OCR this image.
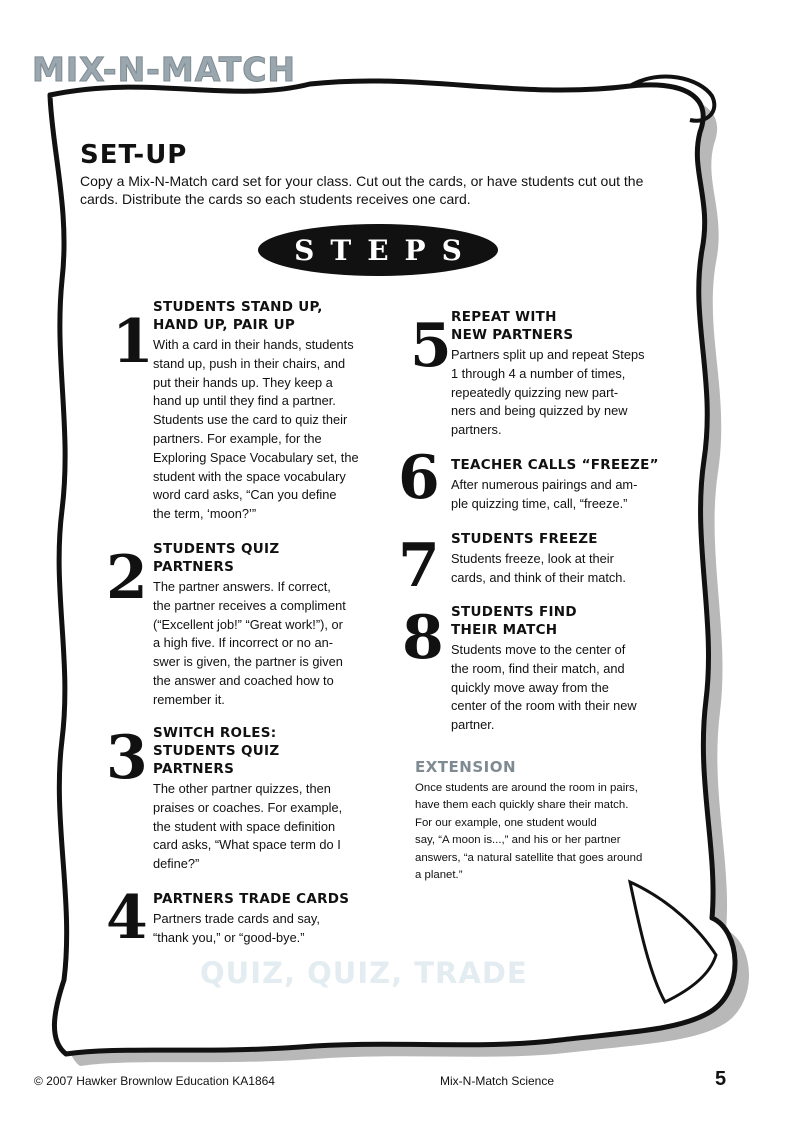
MIX-N-MATCH
SET-UP
Copy a Mix-N-Match card set for your class. Cut out the cards, or have students cut out the cards. Distribute the cards so each students receives one card.
STEPS
1 STUDENTS STAND UP,
HAND UP, PAIR UP
With a card in their hands, students
stand up, push in their chairs, and
put their hands up. They keep a
hand up until they find a partner.
Students use the card to quiz their
partners. For example, for the
Exploring Space Vocabulary set, the
student with the space vocabulary
word card asks, “Can you define
the term, ‘moon?’”
2 STUDENTS QUIZ
PARTNERS
The partner answers. If correct,
the partner receives a compliment
(“Excellent job!” “Great work!”), or
a high five. If incorrect or no an-
swer is given, the partner is given
the answer and coached how to
remember it.
3 SWITCH ROLES:
STUDENTS QUIZ
PARTNERS
The other partner quizzes, then
praises or coaches. For example,
the student with space definition
card asks, “What space term do I
define?”
4 PARTNERS TRADE CARDS
Partners trade cards and say,
“thank you,” or “good-bye.”
5 REPEAT WITH
NEW PARTNERS
Partners split up and repeat Steps
1 through 4 a number of times,
repeatedly quizzing new part-
ners and being quizzed by new
partners.
6 TEACHER CALLS “FREEZE”
After numerous pairings and am-
ple quizzing time, call, “freeze.”
7 STUDENTS FREEZE
Students freeze, look at their
cards, and think of their match.
8 STUDENTS FIND
THEIR MATCH
Students move to the center of
the room, find their match, and
quickly move away from the
center of the room with their new
partner.
EXTENSION
Once students are around the room in pairs,
have them each quickly share their match.
For our example, one student would
say, “A moon is...,” and his or her partner
answers, “a natural satellite that goes around
a planet.”
QUIZ, QUIZ, TRADE
© 2007 Hawker Brownlow Education KA1864	Mix-N-Match Science	5
